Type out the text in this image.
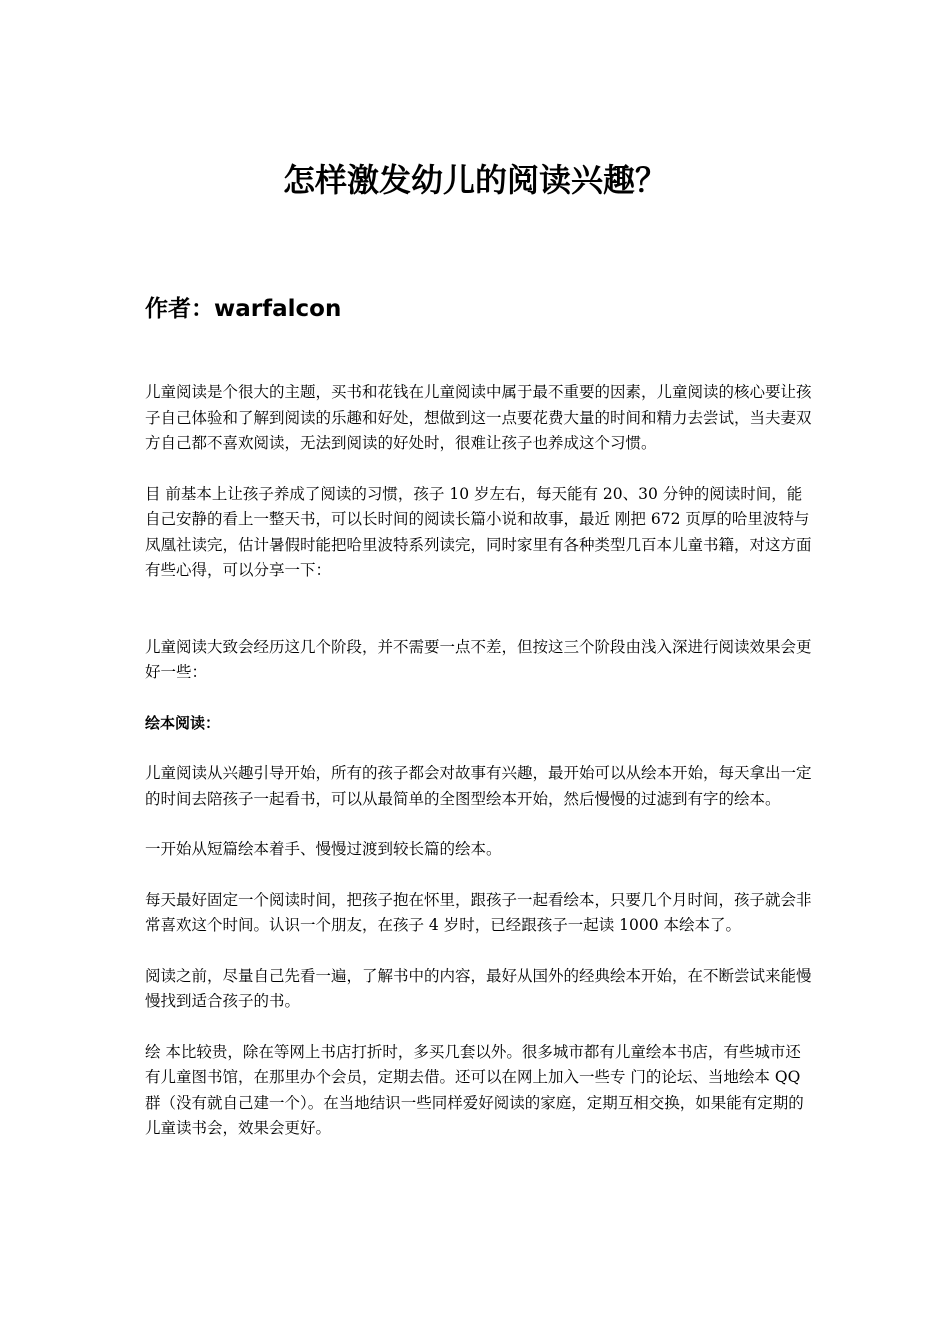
怎样激发幼儿的阅读兴趣？
作者：warfalcon

儿童阅读是个很大的主题，买书和花钱在儿童阅读中属于最不重要的因素，儿童阅读的核心要让孩子自己体验和了解到阅读的乐趣和好处，想做到这一点要花费大量的时间和精力去尝试，当夫妻双方自己都不喜欢阅读，无法到阅读的好处时，很难让孩子也养成这个习惯。

目 前基本上让孩子养成了阅读的习惯，孩子 10 岁左右，每天能有 20、30 分钟的阅读时间，能自己安静的看上一整天书，可以长时间的阅读长篇小说和故事，最近 刚把 672 页厚的哈里波特与凤凰社读完，估计暑假时能把哈里波特系列读完，同时家里有各种类型几百本儿童书籍，对这方面有些心得，可以分享一下：

儿童阅读大致会经历这几个阶段，并不需要一点不差，但按这三个阶段由浅入深进行阅读效果会更好一些：

绘本阅读：

儿童阅读从兴趣引导开始，所有的孩子都会对故事有兴趣，最开始可以从绘本开始，每天拿出一定的时间去陪孩子一起看书，可以从最简单的全图型绘本开始，然后慢慢的过滤到有字的绘本。

一开始从短篇绘本着手、慢慢过渡到较长篇的绘本。

每天最好固定一个阅读时间，把孩子抱在怀里，跟孩子一起看绘本，只要几个月时间，孩子就会非常喜欢这个时间。认识一个朋友，在孩子 4 岁时，已经跟孩子一起读 1000 本绘本了。

阅读之前，尽量自己先看一遍，了解书中的内容，最好从国外的经典绘本开始，在不断尝试来能慢慢找到适合孩子的书。

绘 本比较贵，除在等网上书店打折时，多买几套以外。很多城市都有儿童绘本书店，有些城市还有儿童图书馆，在那里办个会员，定期去借。还可以在网上加入一些专 门的论坛、当地绘本 QQ 群（没有就自己建一个）。在当地结识一些同样爱好阅读的家庭，定期互相交换，如果能有定期的儿童读书会，效果会更好。
